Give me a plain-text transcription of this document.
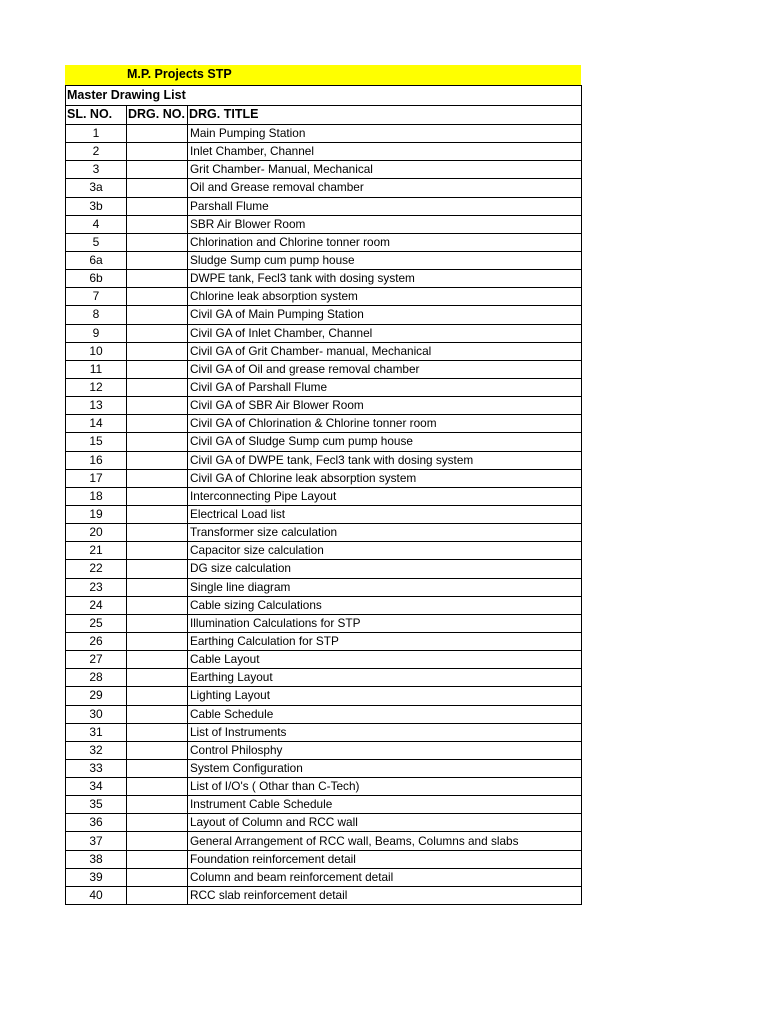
M.P. Projects STP
Master Drawing List		
SL. NO.	DRG. NO.	DRG. TITLE
1		Main Pumping Station
2		Inlet Chamber, Channel
3		Grit Chamber- Manual, Mechanical
3a		Oil and Grease removal chamber
3b		Parshall Flume
4		SBR Air Blower Room
5		Chlorination and Chlorine tonner room
6a		Sludge Sump cum pump house
6b		DWPE tank, Fecl3 tank with dosing system
7		Chlorine leak absorption system
8		Civil GA of Main Pumping Station
9		Civil GA of Inlet Chamber, Channel
10		Civil GA of Grit Chamber- manual, Mechanical
11		Civil GA of Oil and grease removal chamber
12		Civil GA of Parshall Flume
13		Civil GA of SBR Air Blower Room
14		Civil GA of Chlorination & Chlorine tonner room
15		Civil GA of Sludge Sump cum pump house
16		Civil GA of DWPE tank, Fecl3 tank with dosing system
17		Civil GA of Chlorine leak absorption system
18		Interconnecting Pipe Layout
19		Electrical Load list
20		Transformer size calculation
21		Capacitor size calculation
22		DG size calculation
23		Single line diagram
24		Cable sizing Calculations
25		Illumination Calculations for STP
26		Earthing Calculation for STP
27		Cable Layout
28		Earthing Layout
29		Lighting Layout
30		Cable Schedule
31		List of Instruments
32		Control Philosphy
33		System Configuration
34		List of I/O's ( Othar than C-Tech)
35		Instrument Cable Schedule
36		Layout of Column and RCC wall
37		General Arrangement of RCC wall, Beams, Columns and slabs
38		Foundation reinforcement detail
39		Column and beam reinforcement detail
40		RCC slab reinforcement detail
